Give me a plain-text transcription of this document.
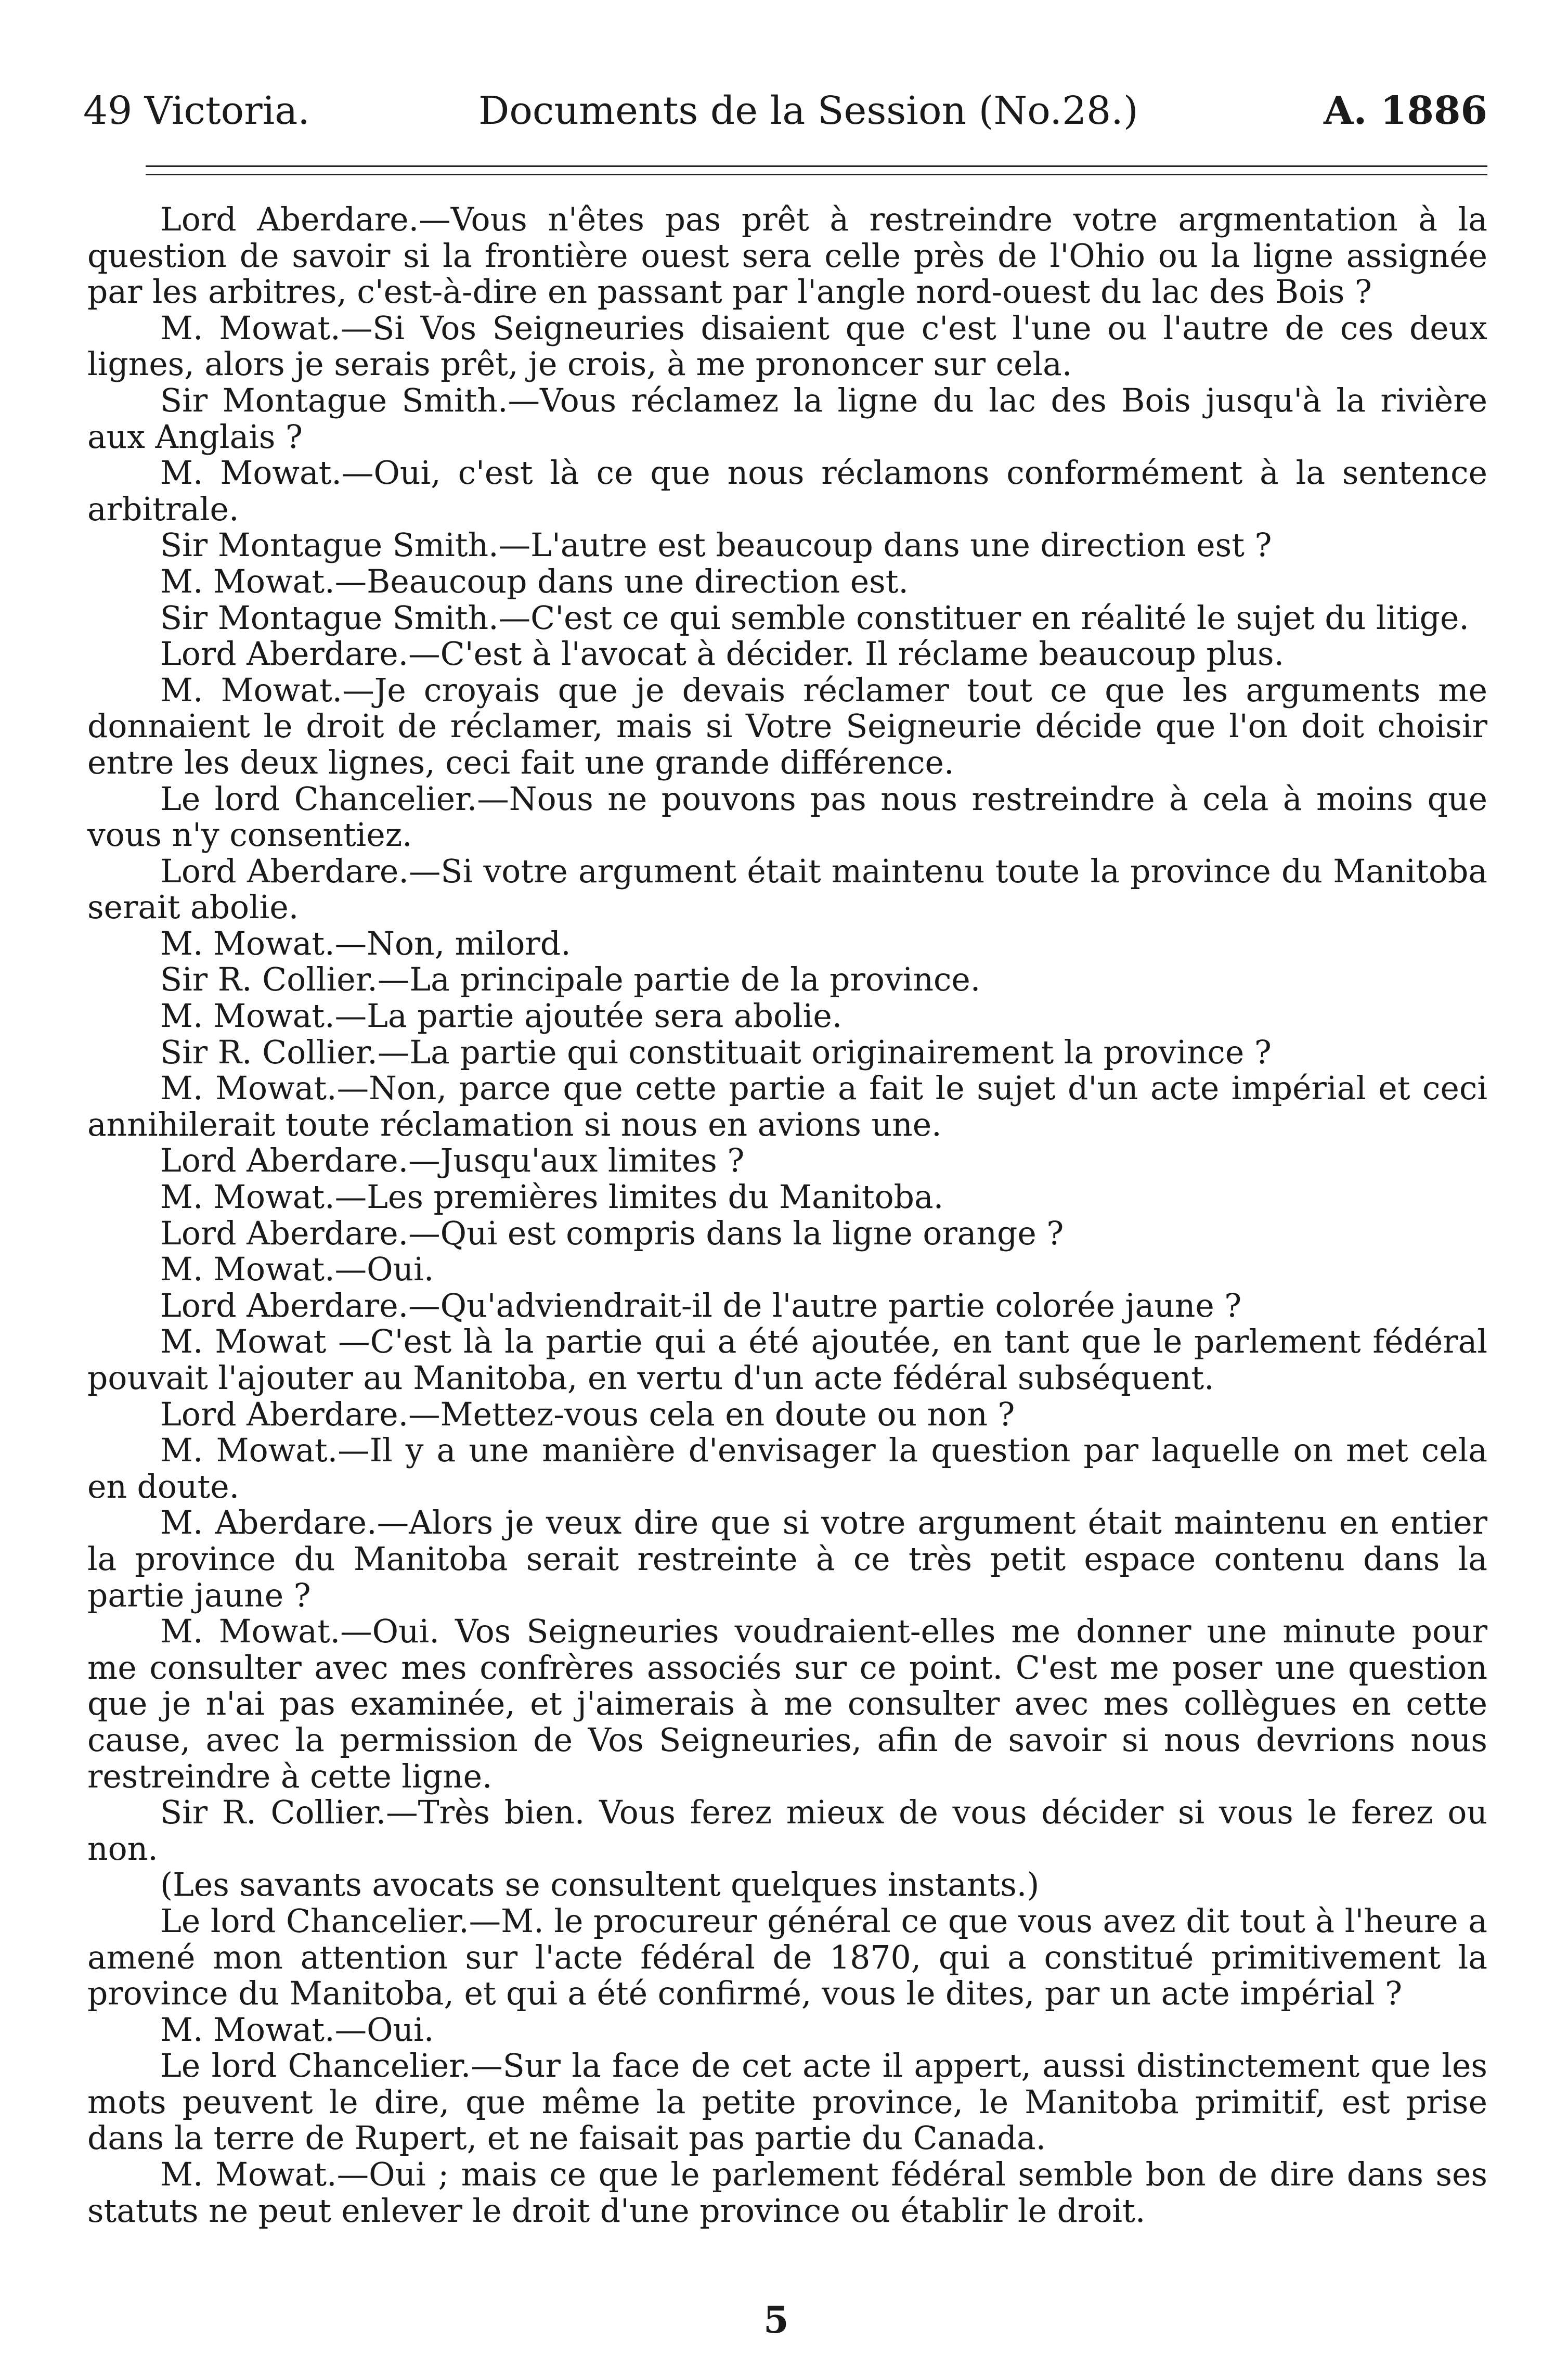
49 Victoria.	Documents de la Session (No.28.)	A. 1886

Lord Aberdare.—Vous n'êtes pas prêt à restreindre votre argmentation à la question de savoir si la frontière ouest sera celle près de l'Ohio ou la ligne assignée par les arbitres, c'est-à-dire en passant par l'angle nord-ouest du lac des Bois ?

M. Mowat.—Si Vos Seigneuries disaient que c'est l'une ou l'autre de ces deux lignes, alors je serais prêt, je crois, à me prononcer sur cela.

Sir Montague Smith.—Vous réclamez la ligne du lac des Bois jusqu'à la rivière aux Anglais ?

M. Mowat.—Oui, c'est là ce que nous réclamons conformément à la sentence arbitrale.

Sir Montague Smith.—L'autre est beaucoup dans une direction est ?

M. Mowat.—Beaucoup dans une direction est.

Sir Montague Smith.—C'est ce qui semble constituer en réalité le sujet du litige.

Lord Aberdare.—C'est à l'avocat à décider. Il réclame beaucoup plus.

M. Mowat.—Je croyais que je devais réclamer tout ce que les arguments me donnaient le droit de réclamer, mais si Votre Seigneurie décide que l'on doit choisir entre les deux lignes, ceci fait une grande différence.

Le lord Chancelier.—Nous ne pouvons pas nous restreindre à cela à moins que vous n'y consentiez.

Lord Aberdare.—Si votre argument était maintenu toute la province du Manitoba serait abolie.

M. Mowat.—Non, milord.

Sir R. Collier.—La principale partie de la province.

M. Mowat.—La partie ajoutée sera abolie.

Sir R. Collier.—La partie qui constituait originairement la province ?

M. Mowat.—Non, parce que cette partie a fait le sujet d'un acte impérial et ceci annihilerait toute réclamation si nous en avions une.

Lord Aberdare.—Jusqu'aux limites ?

M. Mowat.—Les premières limites du Manitoba.

Lord Aberdare.—Qui est compris dans la ligne orange ?

M. Mowat.—Oui.

Lord Aberdare.—Qu'adviendrait-il de l'autre partie colorée jaune ?

M. Mowat —C'est là la partie qui a été ajoutée, en tant que le parlement fédéral pouvait l'ajouter au Manitoba, en vertu d'un acte fédéral subséquent.

Lord Aberdare.—Mettez-vous cela en doute ou non ?

M. Mowat.—Il y a une manière d'envisager la question par laquelle on met cela en doute.

M. Aberdare.—Alors je veux dire que si votre argument était maintenu en entier la province du Manitoba serait restreinte à ce très petit espace contenu dans la partie jaune ?

M. Mowat.—Oui. Vos Seigneuries voudraient-elles me donner une minute pour me consulter avec mes confrères associés sur ce point. C'est me poser une question que je n'ai pas examinée, et j'aimerais à me consulter avec mes collègues en cette cause, avec la permission de Vos Seigneuries, afin de savoir si nous devrions nous restreindre à cette ligne.

Sir R. Collier.—Très bien. Vous ferez mieux de vous décider si vous le ferez ou non.

(Les savants avocats se consultent quelques instants.)

Le lord Chancelier.—M. le procureur général ce que vous avez dit tout à l'heure a amené mon attention sur l'acte fédéral de 1870, qui a constitué primitivement la province du Manitoba, et qui a été confirmé, vous le dites, par un acte impérial ?

M. Mowat.—Oui.

Le lord Chancelier.—Sur la face de cet acte il appert, aussi distinctement que les mots peuvent le dire, que même la petite province, le Manitoba primitif, est prise dans la terre de Rupert, et ne faisait pas partie du Canada.

M. Mowat.—Oui ; mais ce que le parlement fédéral semble bon de dire dans ses statuts ne peut enlever le droit d'une province ou établir le droit.

5
